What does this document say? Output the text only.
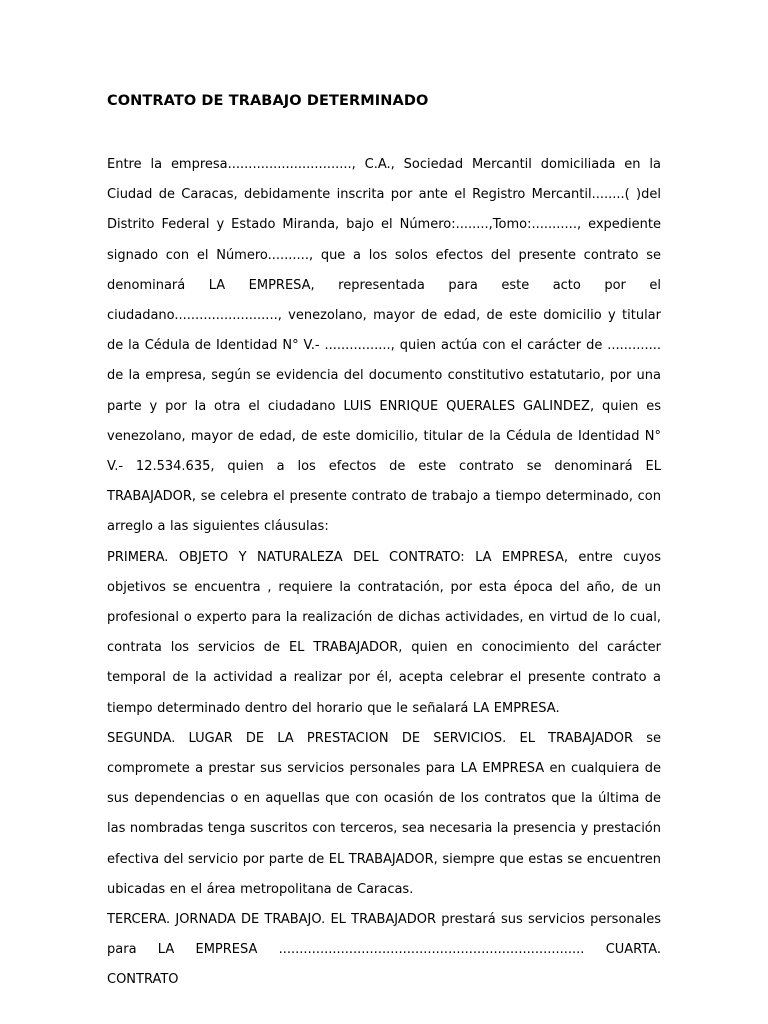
CONTRATO DE TRABAJO DETERMINADO

Entre la empresa.............................., C.A., Sociedad Mercantil domiciliada en la Ciudad de Caracas, debidamente inscrita por ante el Registro Mercantil........( )del Distrito Federal y Estado Miranda, bajo el Número:........,Tomo:..........., expediente signado con el Número.........., que a los solos efectos del presente contrato se denominará LA EMPRESA, representada para este acto por el ciudadano........................., venezolano, mayor de edad, de este domicilio y titular de la Cédula de Identidad N° V.- ................, quien actúa con el carácter de ............. de la empresa, según se evidencia del documento constitutivo estatutario, por una parte y por la otra el ciudadano LUIS ENRIQUE QUERALES GALINDEZ, quien es venezolano, mayor de edad, de este domicilio, titular de la Cédula de Identidad N° V.- 12.534.635, quien a los efectos de este contrato se denominará EL TRABAJADOR, se celebra el presente contrato de trabajo a tiempo determinado, con arreglo a las siguientes cláusulas:

PRIMERA. OBJETO Y NATURALEZA DEL CONTRATO: LA EMPRESA, entre cuyos objetivos se encuentra , requiere la contratación, por esta época del año, de un profesional o experto para la realización de dichas actividades, en virtud de lo cual, contrata los servicios de EL TRABAJADOR, quien en conocimiento del carácter temporal de la actividad a realizar por él, acepta celebrar el presente contrato a tiempo determinado dentro del horario que le señalará LA EMPRESA.

SEGUNDA. LUGAR DE LA PRESTACION DE SERVICIOS. EL TRABAJADOR se compromete a prestar sus servicios personales para LA EMPRESA en cualquiera de sus dependencias o en aquellas que con ocasión de los contratos que la última de las nombradas tenga suscritos con terceros, sea necesaria la presencia y prestación efectiva del servicio por parte de EL TRABAJADOR, siempre que estas se encuentren ubicadas en el área metropolitana de Caracas.

TERCERA. JORNADA DE TRABAJO. EL TRABAJADOR prestará sus servicios personales para LA EMPRESA .......................................................................... CUARTA. CONTRATO
